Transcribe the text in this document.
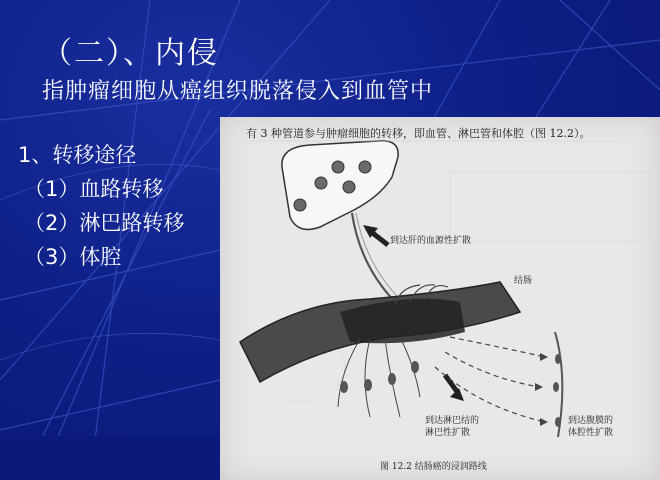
（二）、内侵
指肿瘤细胞从癌组织脱落侵入到血管中
1、转移途径
（1）血路转移
（2）淋巴路转移
（3）体腔
有 3 种管道参与肿瘤细胞的转移，即血管、淋巴管和体腔（图 12.2）。
到达肝的血源性扩散
结肠
到达淋巴结的
淋巴性扩散
到达腹膜的
体腔性扩散
图 12.2 结肠癌的浸润路线
